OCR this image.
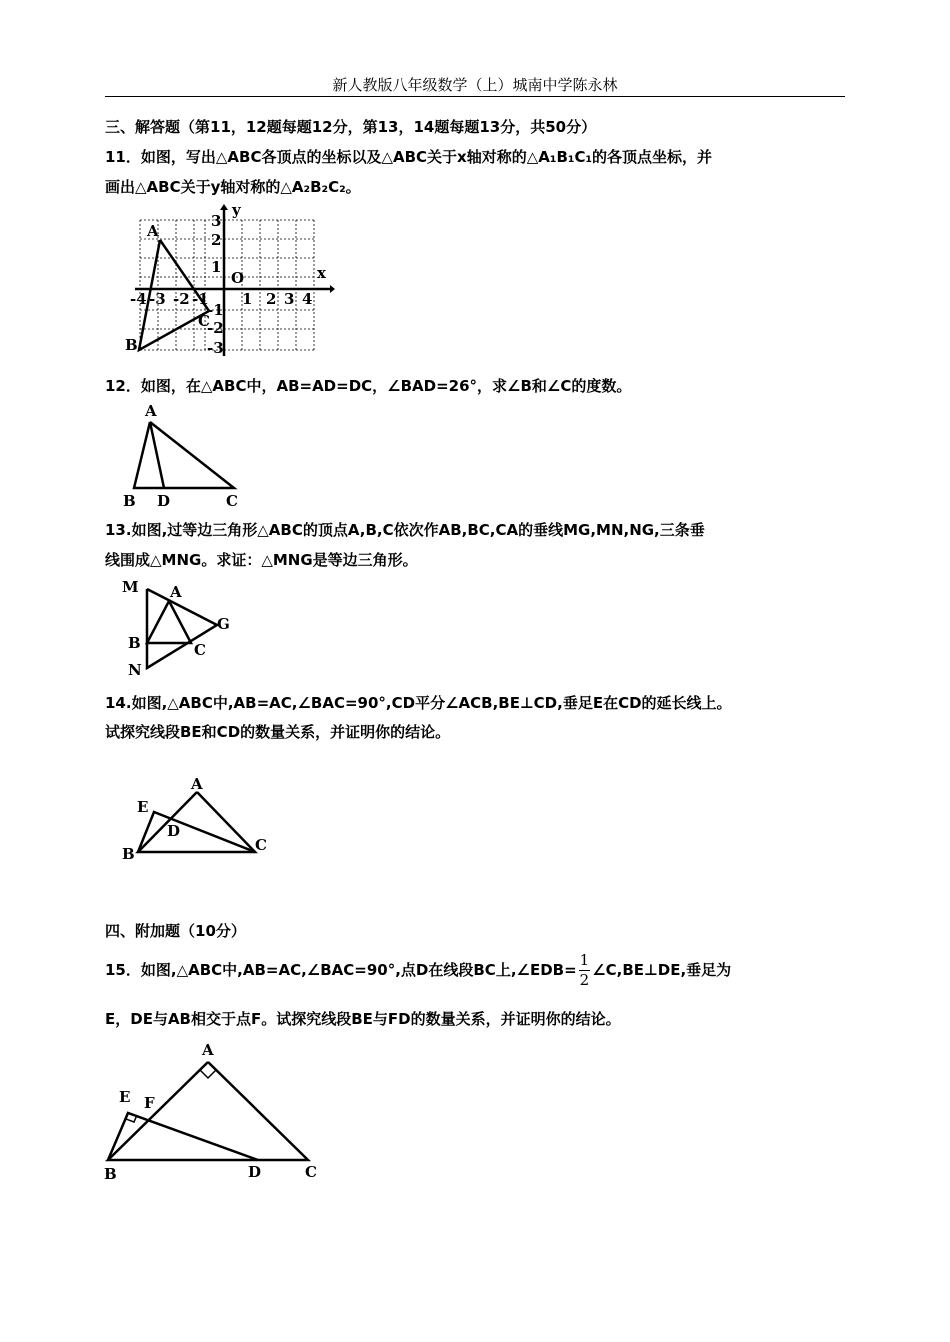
新人教版八年级数学（上）城南中学陈永林
三、解答题（第11，12题每题12分，第13，14题每题13分，共50分）
11．如图，写出△ABC各顶点的坐标以及△ABC关于x轴对称的△A₁B₁C₁的各顶点坐标，并
画出△ABC关于y轴对称的△A₂B₂C₂。
y
x
O
-4 -3 -2 -1 1 2 3 4
3
2
1
-1
-2
-3
A
B
C
12．如图，在△ABC中，AB=AD=DC，∠BAD=26°，求∠B和∠C的度数。
A
B D	C
13.如图,过等边三角形△ABC的顶点A,B,C依次作AB,BC,CA的垂线MG,MN,NG,三条垂
线围成△MNG。求证：△MNG是等边三角形。
M A
G
B	C
N
14.如图,△ABC中,AB=AC,∠BAC=90°,CD平分∠ACB,BE⊥CD,垂足E在CD的延长线上。
试探究线段BE和CD的数量关系，并证明你的结论。
A
E
D
B	C
四、附加题（10分）
15．如图,△ABC中,AB=AC,∠BAC=90°,点D在线段BC上,∠EDB= $\frac{1}{2}$ ∠C,BE⊥DE,垂足为
E，DE与AB相交于点F。试探究线段BE与FD的数量关系，并证明你的结论。
A
E F
B	D	C
